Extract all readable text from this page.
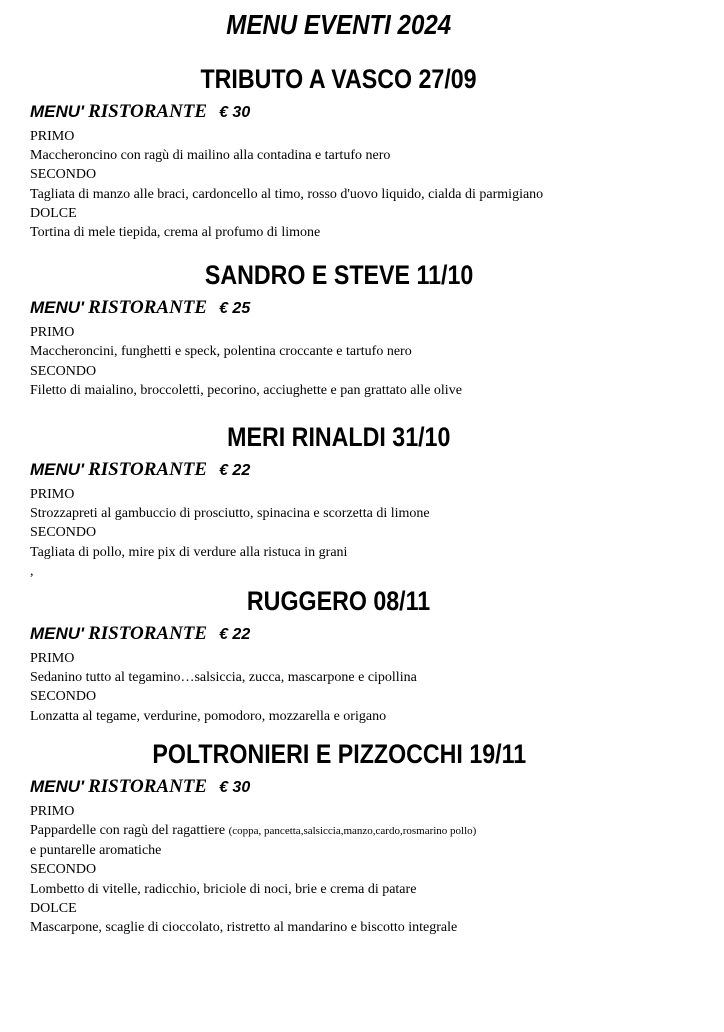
MENU EVENTI 2024
TRIBUTO A VASCO 27/09

MENU' RISTORANTE € 30

PRIMO

Maccheroncino con ragù di mailino alla contadina e tartufo nero

SECONDO

Tagliata di manzo alle braci, cardoncello al timo, rosso d'uovo liquido, cialda di parmigiano

DOLCE

Tortina di mele tiepida, crema al profumo di limone

SANDRO E STEVE 11/10

MENU' RISTORANTE € 25

PRIMO

Maccheroncini, funghetti e speck, polentina croccante e tartufo nero

SECONDO

Filetto di maialino, broccoletti, pecorino, acciughette e pan grattato alle olive

MERI RINALDI 31/10

MENU' RISTORANTE € 22

PRIMO

Strozzapreti al gambuccio di prosciutto, spinacina e scorzetta di limone

SECONDO

Tagliata di pollo, mire pix di verdure alla ristuca in grani

,

RUGGERO 08/11

MENU' RISTORANTE € 22

PRIMO

Sedanino tutto al tegamino…salsiccia, zucca, mascarpone e cipollina

SECONDO

Lonzatta al tegame, verdurine, pomodoro, mozzarella e origano

POLTRONIERI E PIZZOCCHI 19/11

MENU' RISTORANTE € 30

PRIMO

Pappardelle con ragù del ragattiere (coppa, pancetta,salsiccia,manzo,cardo,rosmarino pollo)

e puntarelle aromatiche

SECONDO

Lombetto di vitelle, radicchio, briciole di noci, brie e crema di patare

DOLCE

Mascarpone, scaglie di cioccolato, ristretto al mandarino e biscotto integrale
